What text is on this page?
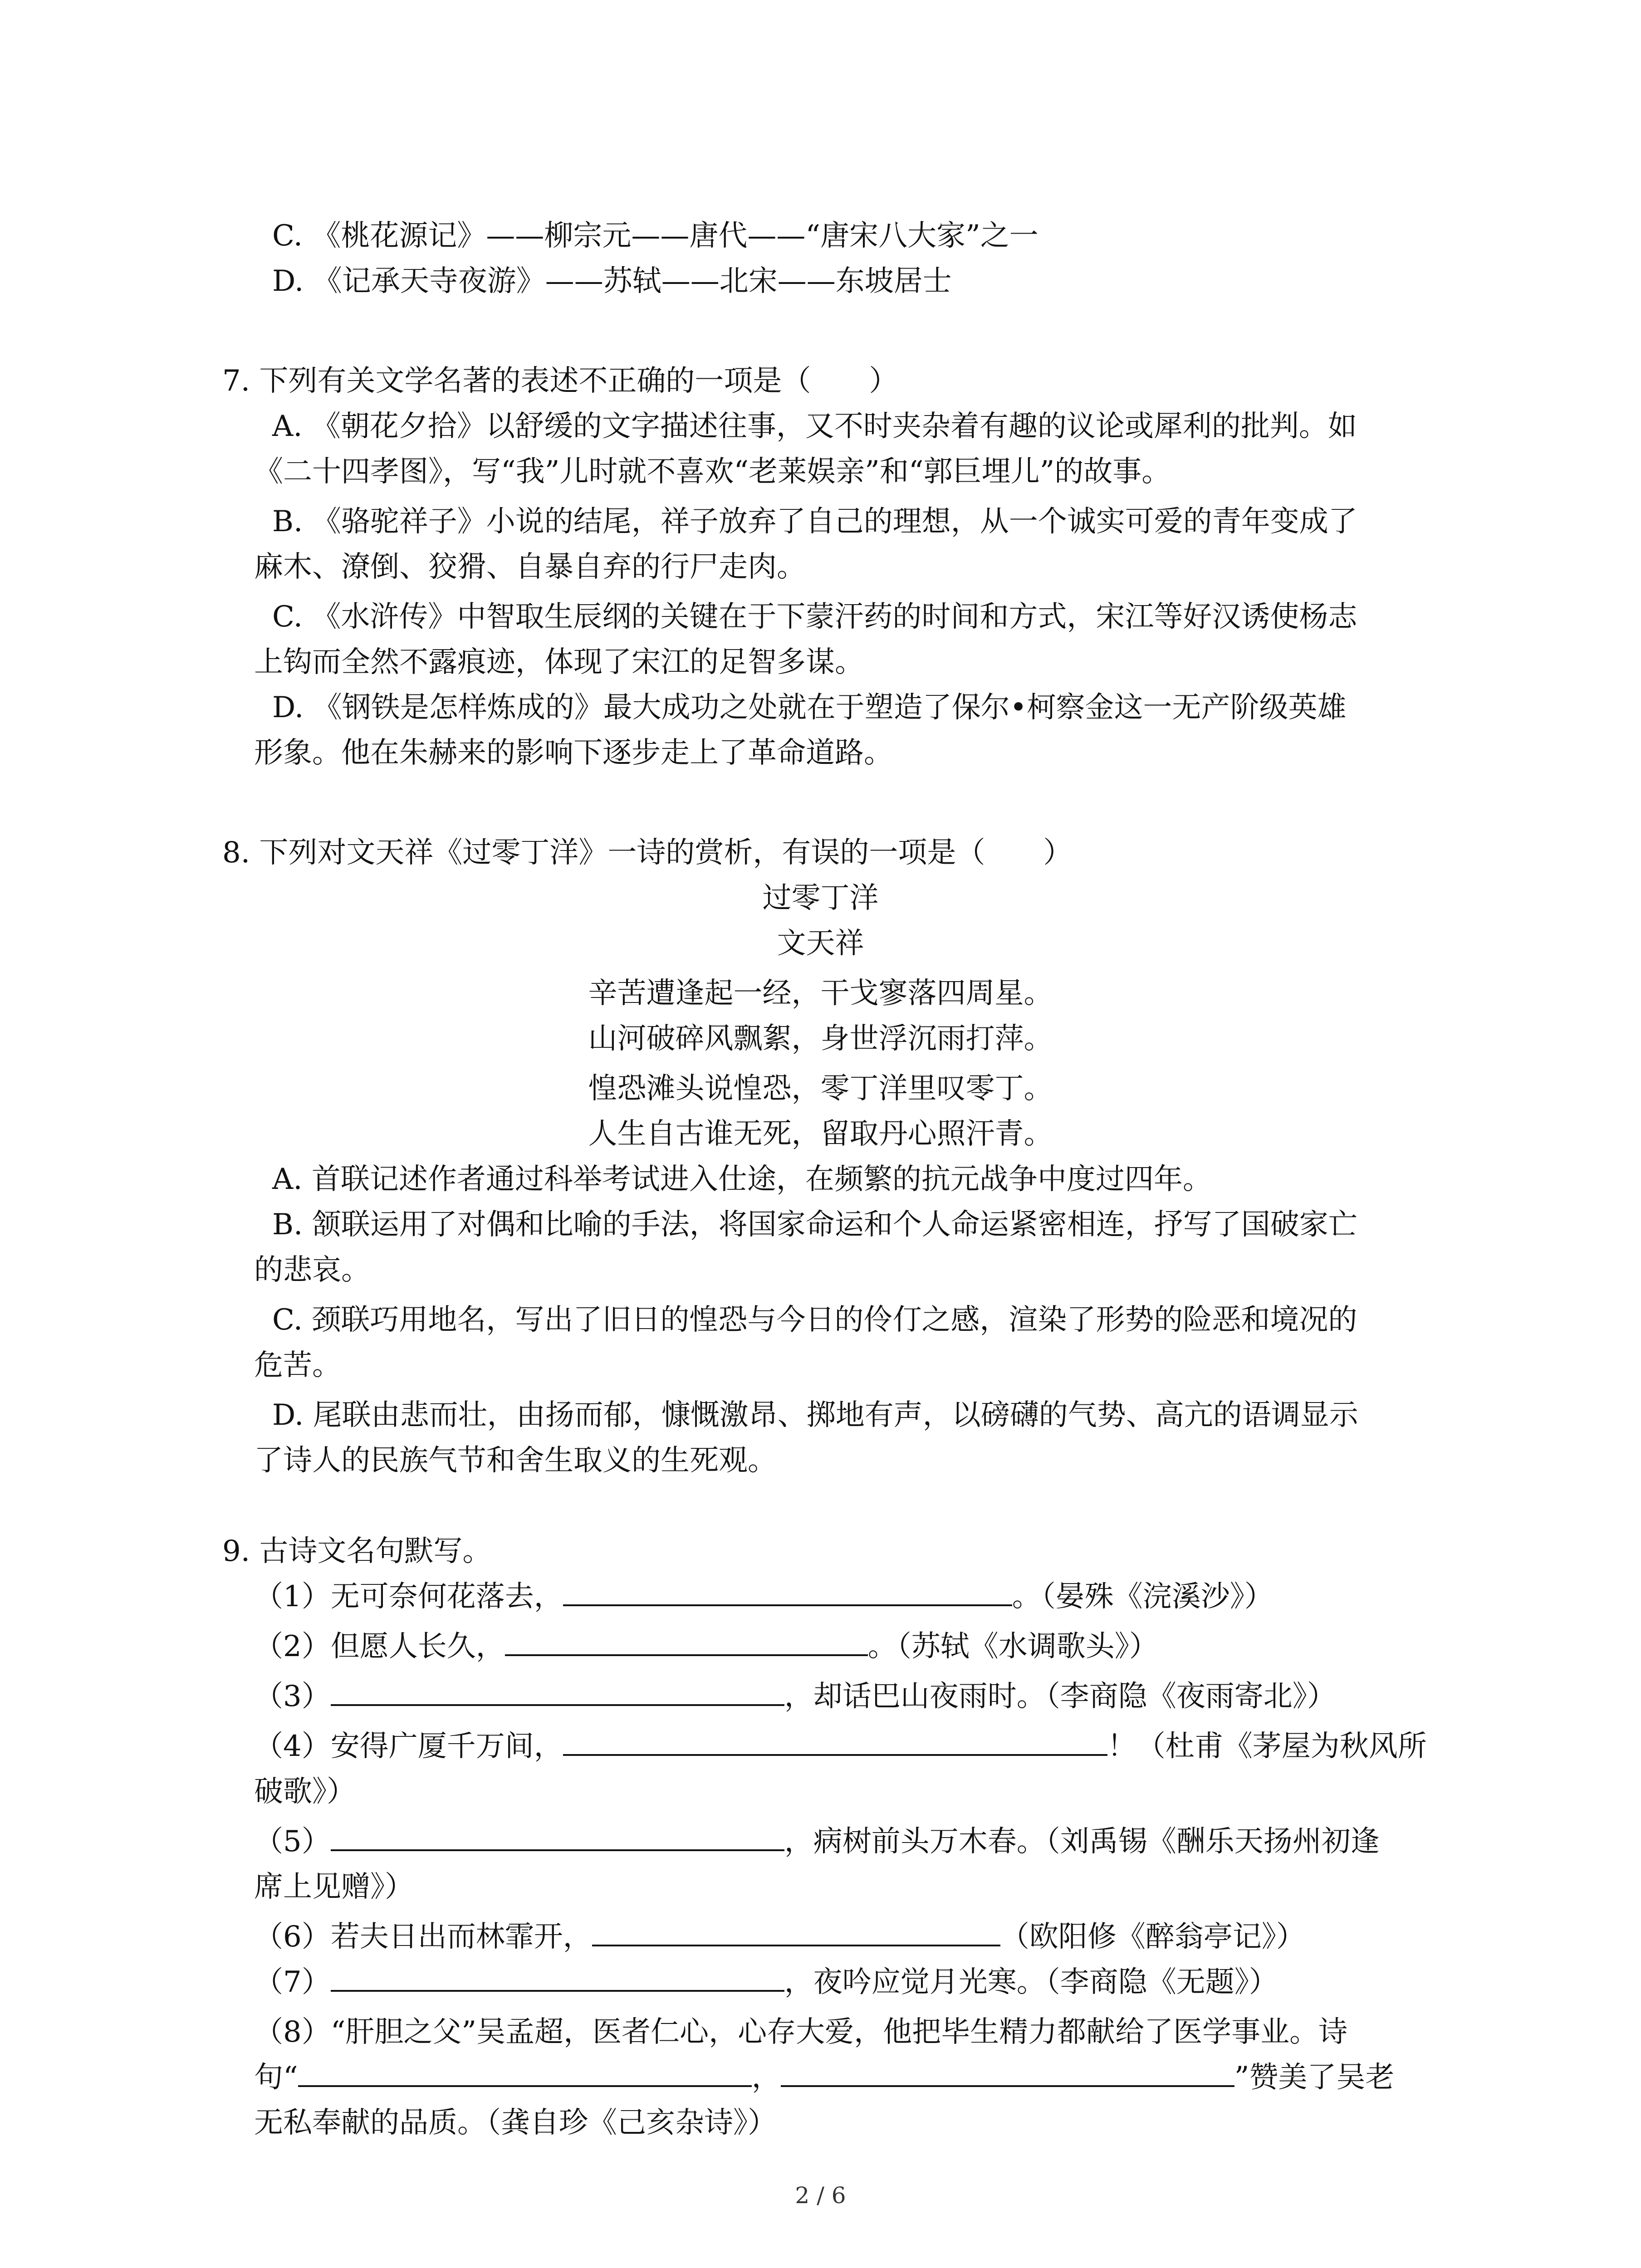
C. 《桃花源记》——柳宗元——唐代——“唐宋八大家”之一
D. 《记承天寺夜游》——苏轼——北宋——东坡居士
7. 下列有关文学名著的表述不正确的一项是（　　）
A. 《朝花夕拾》以舒缓的文字描述往事，又不时夹杂着有趣的议论或犀利的批判。如
《二十四孝图》，写“我”儿时就不喜欢“老莱娱亲”和“郭巨埋儿”的故事。
B. 《骆驼祥子》小说的结尾，祥子放弃了自己的理想，从一个诚实可爱的青年变成了
麻木、潦倒、狡猾、自暴自弃的行尸走肉。
C. 《水浒传》中智取生辰纲的关键在于下蒙汗药的时间和方式，宋江等好汉诱使杨志
上钩而全然不露痕迹，体现了宋江的足智多谋。
D. 《钢铁是怎样炼成的》最大成功之处就在于塑造了保尔•柯察金这一无产阶级英雄
形象。他在朱赫来的影响下逐步走上了革命道路。
8. 下列对文天祥《过零丁洋》一诗的赏析，有误的一项是（　　）
过零丁洋
文天祥
辛苦遭逢起一经，干戈寥落四周星。
山河破碎风飘絮，身世浮沉雨打萍。
惶恐滩头说惶恐，零丁洋里叹零丁。
人生自古谁无死，留取丹心照汗青。
A. 首联记述作者通过科举考试进入仕途，在频繁的抗元战争中度过四年。
B. 颔联运用了对偶和比喻的手法，将国家命运和个人命运紧密相连，抒写了国破家亡
的悲哀。
C. 颈联巧用地名，写出了旧日的惶恐与今日的伶仃之感，渲染了形势的险恶和境况的
危苦。
D. 尾联由悲而壮，由扬而郁，慷慨激昂、掷地有声，以磅礴的气势、高亢的语调显示
了诗人的民族气节和舍生取义的生死观。
9. 古诗文名句默写。
（1）无可奈何花落去，	。（晏殊《浣溪沙》）
（2）但愿人长久，	。（苏轼《水调歌头》）
（3）	，却话巴山夜雨时。（李商隐《夜雨寄北》）
（4）安得广厦千万间，	！（杜甫《茅屋为秋风所
破歌》）
（5）	，病树前头万木春。（刘禹锡《酬乐天扬州初逢
席上见赠》）
（6）若夫日出而林霏开，	（欧阳修《醉翁亭记》）
（7）	，夜吟应觉月光寒。（李商隐《无题》）
（8）“肝胆之父”吴孟超，医者仁心，心存大爱，他把毕生精力都献给了医学事业。诗
句“	，	”赞美了吴老
无私奉献的品质。（龚自珍《己亥杂诗》）
2 / 6
